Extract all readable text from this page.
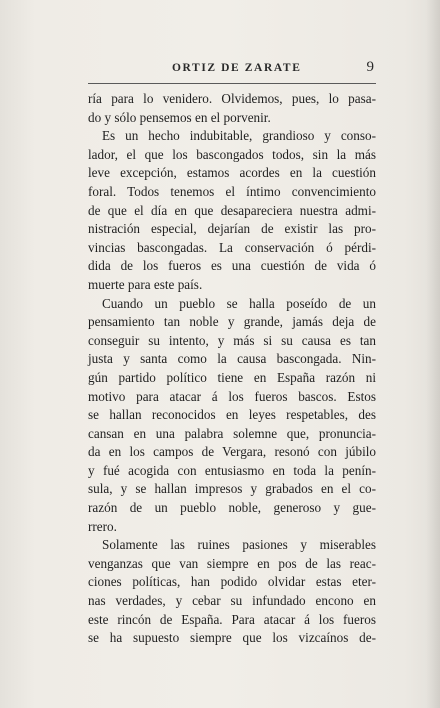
ORTIZ DE ZARATE	9
ría para lo venidero. Olvidemos, pues, lo pasa-
do y sólo pensemos en el porvenir.
Es un hecho indubitable, grandioso y conso-
lador, el que los bascongados todos, sin la más
leve excepción, estamos acordes en la cuestión
foral. Todos tenemos el íntimo convencimiento
de que el día en que desapareciera nuestra admi-
nistración especial, dejarían de existir las pro-
vincias bascongadas. La conservación ó pérdi-
dida de los fueros es una cuestión de vida ó
muerte para este país.
Cuando un pueblo se halla poseído de un
pensamiento tan noble y grande, jamás deja de
conseguir su intento, y más si su causa es tan
justa y santa como la causa bascongada. Nin-
gún partido político tiene en España razón ni
motivo para atacar á los fueros bascos. Estos
se hallan reconocidos en leyes respetables, des
cansan en una palabra solemne que, pronuncia-
da en los campos de Vergara, resonó con júbilo
y fué acogida con entusiasmo en toda la penín-
sula, y se hallan impresos y grabados en el co-
razón de un pueblo noble, generoso y gue-
rrero.
Solamente las ruines pasiones y miserables
venganzas que van siempre en pos de las reac-
ciones políticas, han podido olvidar estas eter-
nas verdades, y cebar su infundado encono en
este rincón de España. Para atacar á los fueros
se ha supuesto siempre que los vizcaínos de-
